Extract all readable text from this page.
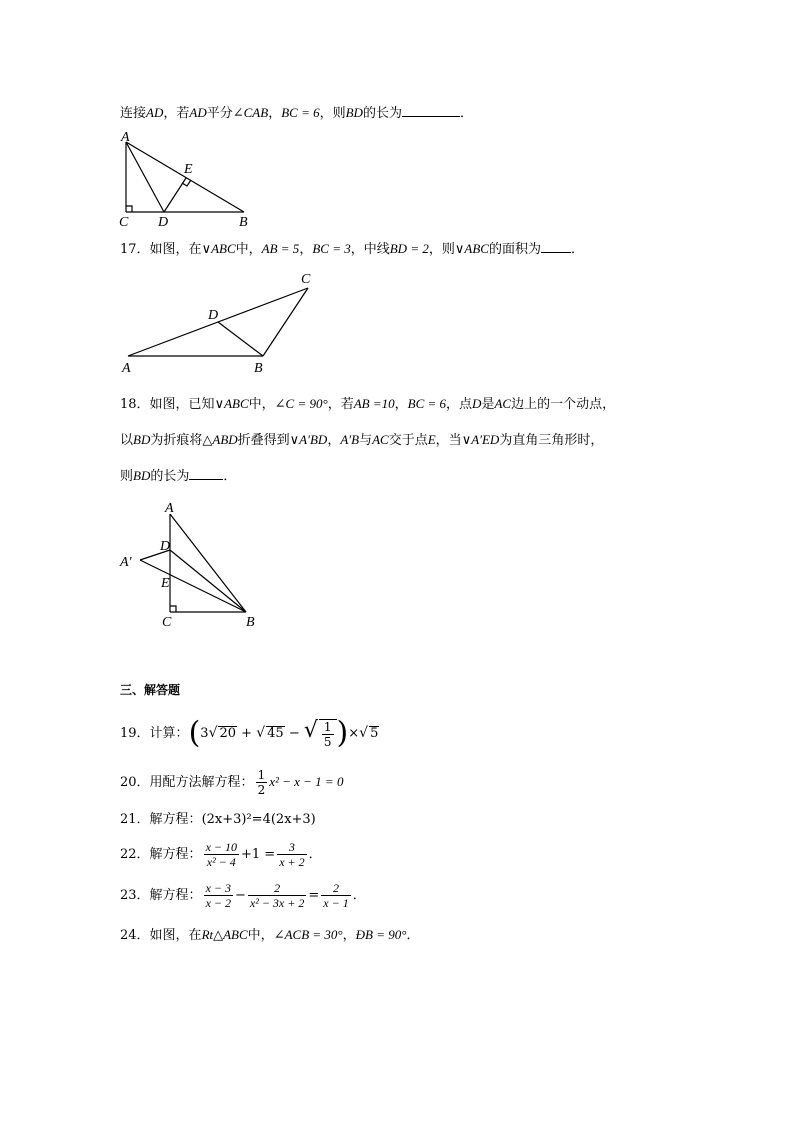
连接AD，若AD平分∠CAB，BC = 6，则BD的长为	．
A
E
C D	B
17．如图，在∨ABC中，AB = 5，BC = 3，中线BD = 2，则∨ABC的面积为 ．
C
D
A	B
18．如图，已知∨ABC中，∠C = 90°，若AB =10，BC = 6，点D是AC边上的一个动点，
以BD为折痕将△ABD折叠得到∨A′BD，A′B与AC交于点E，当∨A′ED为直角三角形时，
则BD的长为	．
A
D
A′
E
C	B
三、解答题
19．计算：(3√ 20 + √ 45 − √ $\frac{1}{5}$ )×√ 5
20．用配方法解方程： $\frac{1}{2} x^2 - x - 1 = 0$
21．解方程：(2x+3)²=4(2x+3)
22．解方程： $\frac{x - 10}{\text{x² − 4}} +1 = \frac{3}{x + 2}$ ．
23．解方程： $\frac{x - 3}{x - 2} - \frac{2}{\text{x² − 3x + 2}} = \frac{2}{x - 1}$ ．
24．如图，在Rt△ABC中，∠ACB = 30°，ÐB = 90°．
